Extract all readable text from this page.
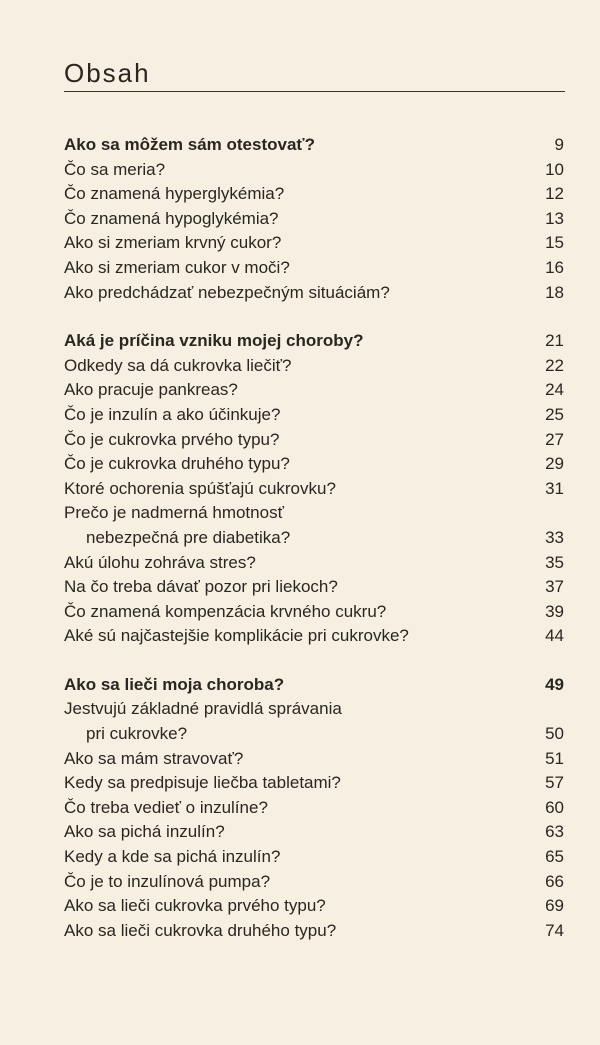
Obsah
Ako sa môžem sám otestovať?	9
Čo sa meria?	10
Čo znamená hyperglykémia?	12
Čo znamená hypoglykémia?	13
Ako si zmeriam krvný cukor?	15
Ako si zmeriam cukor v moči?	16
Ako predchádzať nebezpečným situáciám?	18
Aká je príčina vzniku mojej choroby?	21
Odkedy sa dá cukrovka liečiť?	22
Ako pracuje pankreas?	24
Čo je inzulín a ako účinkuje?	25
Čo je cukrovka prvého typu?	27
Čo je cukrovka druhého typu?	29
Ktoré ochorenia spúšťajú cukrovku?	31
Prečo je nadmerná hmotnosť
nebezpečná pre diabetika?	33
Akú úlohu zohráva stres?	35
Na čo treba dávať pozor pri liekoch?	37
Čo znamená kompenzácia krvného cukru?	39
Aké sú najčastejšie komplikácie pri cukrovke?	44
Ako sa lieči moja choroba?	49
Jestvujú základné pravidlá správania
pri cukrovke?	50
Ako sa mám stravovať?	51
Kedy sa predpisuje liečba tabletami?	57
Čo treba vedieť o inzulíne?	60
Ako sa pichá inzulín?	63
Kedy a kde sa pichá inzulín?	65
Čo je to inzulínová pumpa?	66
Ako sa lieči cukrovka prvého typu?	69
Ako sa lieči cukrovka druhého typu?	74
